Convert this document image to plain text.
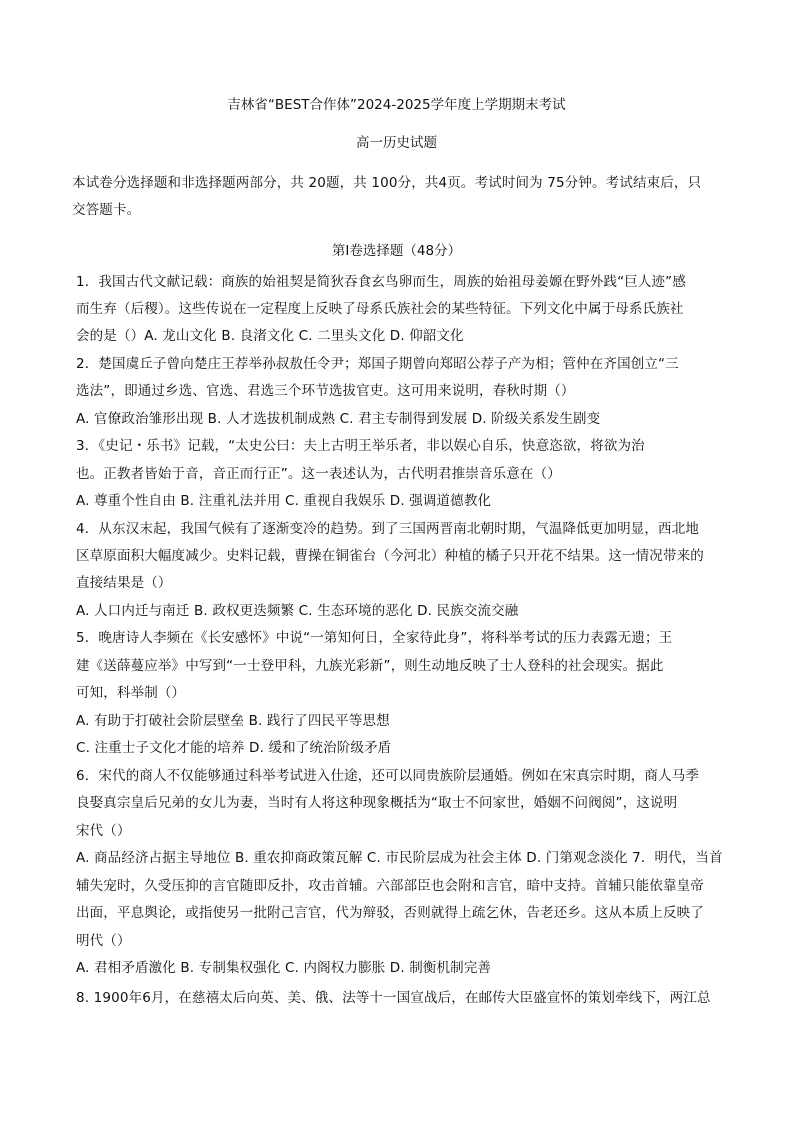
吉林省“BEST合作体”2024-2025学年度上学期期末考试
高一历史试题
本试卷分选择题和非选择题两部分，共 20题，共 100分，共4页。考试时间为 75分钟。考试结束后，只
交答题卡。
第Ⅰ卷选择题（48分）
1．我国古代文献记载：商族的始祖契是简狄吞食玄鸟卵而生，周族的始祖母姜嫄在野外践“巨人迹”感
而生弃（后稷）。这些传说在一定程度上反映了母系氏族社会的某些特征。下列文化中属于母系氏族社
会的是（）A. 龙山文化 B. 良渚文化 C. 二里头文化 D. 仰韶文化
2．楚国虞丘子曾向楚庄王荐举孙叔敖任令尹；郑国子期曾向郑昭公荐子产为相；管仲在齐国创立“三
选法”，即通过乡选、官选、君选三个环节选拔官吏。这可用来说明，春秋时期（）
A. 官僚政治雏形出现 B. 人才选拔机制成熟 C. 君主专制得到发展 D. 阶级关系发生剧变
3．《史记・乐书》记载，“太史公曰：夫上古明王举乐者，非以娱心自乐，快意恣欲，将欲为治
也。正教者皆始于音，音正而行正”。这一表述认为，古代明君推崇音乐意在（）
A. 尊重个性自由 B. 注重礼法并用 C. 重视自我娱乐 D. 强调道德教化
4．从东汉末起，我国气候有了逐渐变冷的趋势。到了三国两晋南北朝时期，气温降低更加明显，西北地
区草原面积大幅度减少。史料记载，曹操在铜雀台（今河北）种植的橘子只开花不结果。这一情况带来的
直接结果是（）
A. 人口内迁与南迁 B. 政权更迭频繁 C. 生态环境的恶化 D. 民族交流交融
5．晚唐诗人李频在《长安感怀》中说“一第知何日，全家待此身”，将科举考试的压力表露无遗；王
建《送薛蔓应举》中写到“一士登甲科，九族光彩新”，则生动地反映了士人登科的社会现实。据此
可知，科举制（）
A. 有助于打破社会阶层壁垒 B. 践行了四民平等思想
C. 注重士子文化才能的培养 D. 缓和了统治阶级矛盾
6．宋代的商人不仅能够通过科举考试进入仕途，还可以同贵族阶层通婚。例如在宋真宗时期，商人马季
良娶真宗皇后兄弟的女儿为妻，当时有人将这种现象概括为“取士不问家世，婚姻不问阀阅”，这说明
宋代（）
A. 商品经济占据主导地位 B. 重农抑商政策瓦解 C. 市民阶层成为社会主体 D. 门第观念淡化 7．明代，当首
辅失宠时，久受压抑的言官随即反扑，攻击首辅。六部部臣也会附和言官，暗中支持。首辅只能依靠皇帝
出面，平息舆论，或指使另一批附己言官，代为辩驳，否则就得上疏乞休，告老还乡。这从本质上反映了
明代（）
A. 君相矛盾激化 B. 专制集权强化 C. 内阁权力膨胀 D. 制衡机制完善
8. 1900年6月，在慈禧太后向英、美、俄、法等十一国宣战后，在邮传大臣盛宣怀的策划牵线下，两江总
